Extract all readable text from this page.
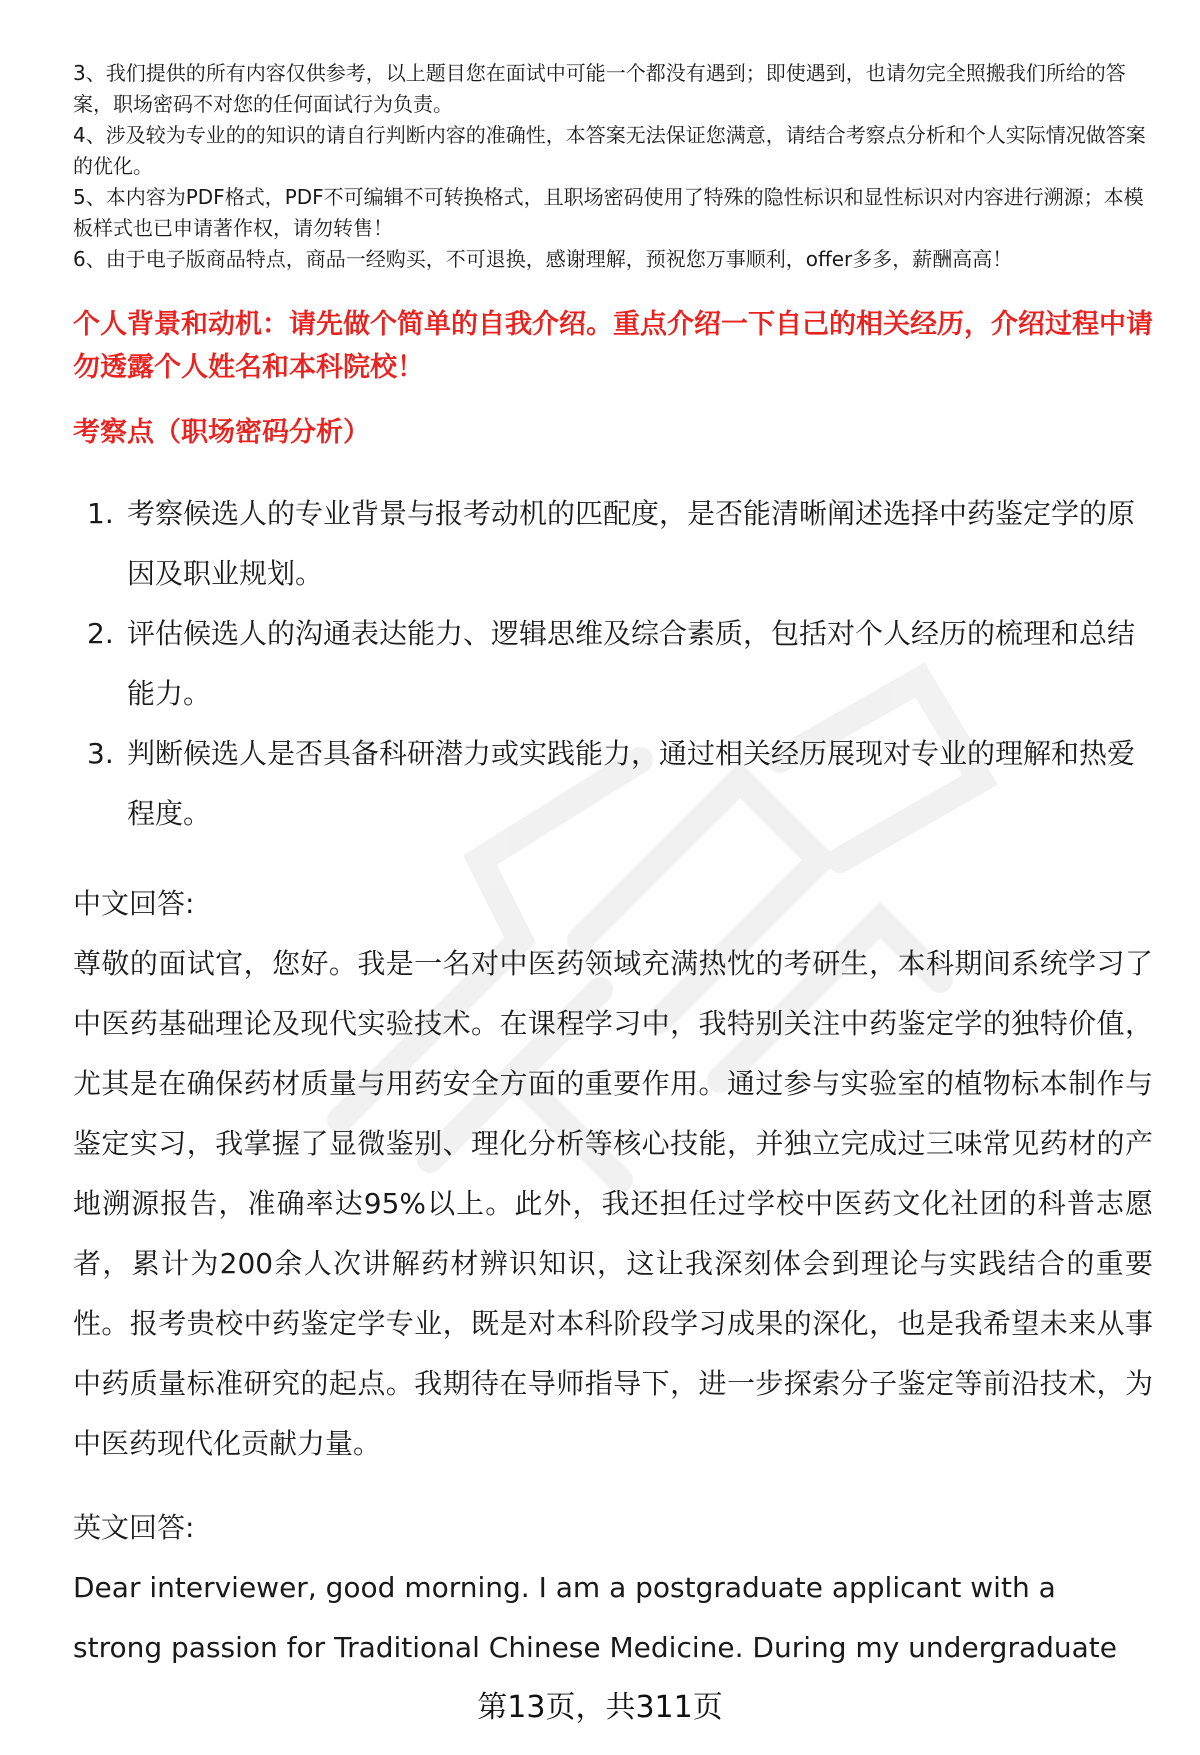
3、我们提供的所有内容仅供参考，以上题目您在面试中可能一个都没有遇到；即使遇到，也请勿完全照搬我们所给的答案，职场密码不对您的任何面试行为负责。

4、涉及较为专业的的知识的请自行判断内容的准确性，本答案无法保证您满意，请结合考察点分析和个人实际情况做答案的优化。

5、本内容为PDF格式，PDF不可编辑不可转换格式，且职场密码使用了特殊的隐性标识和显性标识对内容进行溯源；本模板样式也已申请著作权，请勿转售！

6、由于电子版商品特点，商品一经购买，不可退换，感谢理解，预祝您万事顺利，offer多多，薪酬高高！

个人背景和动机：请先做个简单的自我介绍。重点介绍一下自己的相关经历，介绍过程中请勿透露个人姓名和本科院校！

考察点（职场密码分析）

1. 考察候选人的专业背景与报考动机的匹配度，是否能清晰阐述选择中药鉴定学的原因及职业规划。
2. 评估候选人的沟通表达能力、逻辑思维及综合素质，包括对个人经历的梳理和总结能力。
3. 判断候选人是否具备科研潜力或实践能力，通过相关经历展现对专业的理解和热爱程度。

中文回答:

尊敬的面试官，您好。我是一名对中医药领域充满热忱的考研生，本科期间系统学习了中医药基础理论及现代实验技术。在课程学习中，我特别关注中药鉴定学的独特价值，尤其是在确保药材质量与用药安全方面的重要作用。通过参与实验室的植物标本制作与鉴定实习，我掌握了显微鉴别、理化分析等核心技能，并独立完成过三味常见药材的产地溯源报告，准确率达95%以上。此外，我还担任过学校中医药文化社团的科普志愿者，累计为200余人次讲解药材辨识知识，这让我深刻体会到理论与实践结合的重要性。报考贵校中药鉴定学专业，既是对本科阶段学习成果的深化，也是我希望未来从事中药质量标准研究的起点。我期待在导师指导下，进一步探索分子鉴定等前沿技术，为中医药现代化贡献力量。

英文回答:

Dear interviewer, good morning. I am a postgraduate applicant with a strong passion for Traditional Chinese Medicine. During my undergraduate

第13页，共311页
